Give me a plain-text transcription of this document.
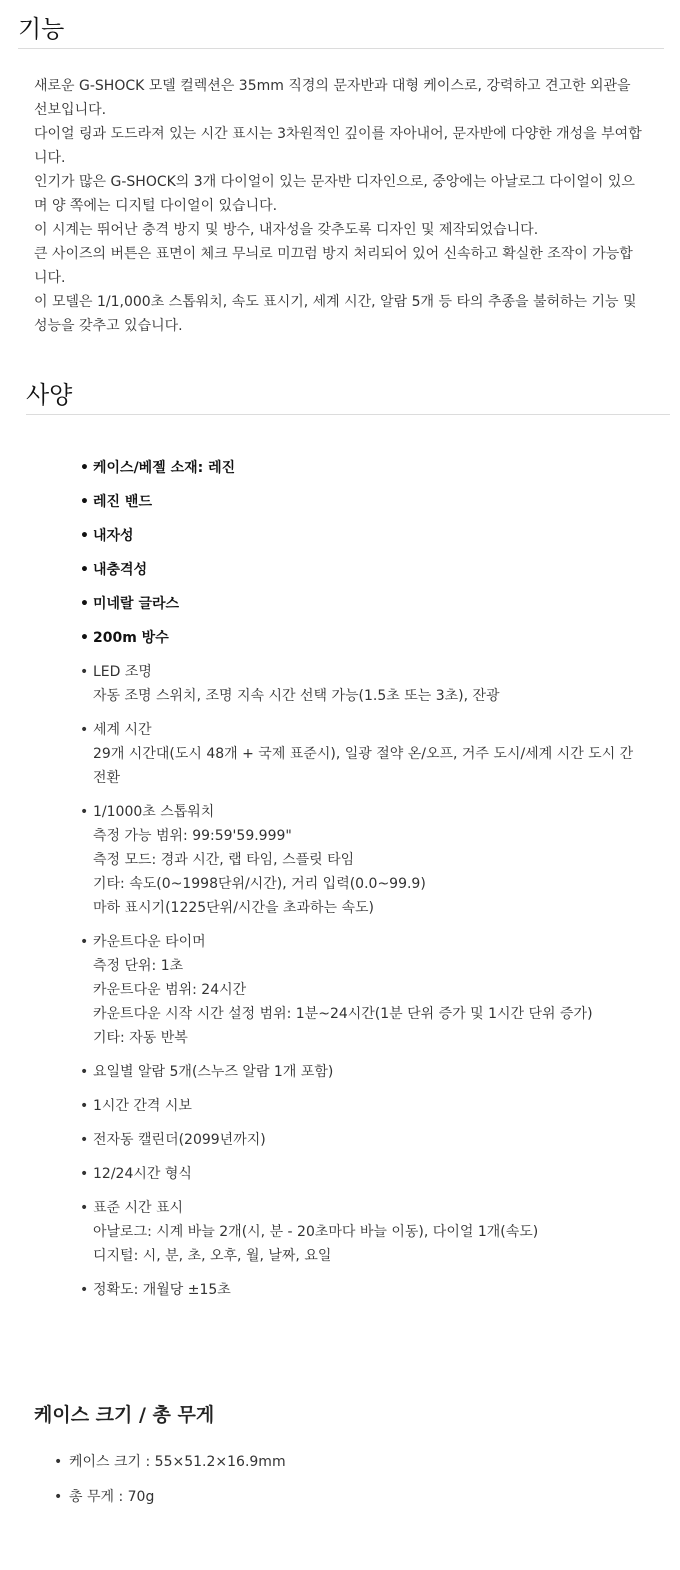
기능

새로운 G-SHOCK 모델 컬렉션은 35mm 직경의 문자반과 대형 케이스로, 강력하고 견고한 외관을 선보입니다.

다이얼 링과 도드라져 있는 시간 표시는 3차원적인 깊이를 자아내어, 문자반에 다양한 개성을 부여합니다.

인기가 많은 G-SHOCK의 3개 다이얼이 있는 문자반 디자인으로, 중앙에는 아날로그 다이얼이 있으며 양 쪽에는 디지털 다이얼이 있습니다.

이 시계는 뛰어난 충격 방지 및 방수, 내자성을 갖추도록 디자인 및 제작되었습니다.

큰 사이즈의 버튼은 표면이 체크 무늬로 미끄럼 방지 처리되어 있어 신속하고 확실한 조작이 가능합니다.

이 모델은 1/1,000초 스톱워치, 속도 표시기, 세계 시간, 알람 5개 등 타의 추종을 불허하는 기능 및 성능을 갖추고 있습니다.

사양
• 케이스/베젤 소재: 레진
• 레진 밴드
• 내자성
• 내충격성
• 미네랄 글라스
• 200m 방수
• LED 조명
자동 조명 스위치, 조명 지속 시간 선택 가능(1.5초 또는 3초), 잔광
• 세계 시간
29개 시간대(도시 48개 + 국제 표준시), 일광 절약 온/오프, 거주 도시/세계 시간 도시 간 전환
• 1/1000초 스톱워치
측정 가능 범위: 99:59'59.999"
측정 모드: 경과 시간, 랩 타임, 스플릿 타임
기타: 속도(0~1998단위/시간), 거리 입력(0.0~99.9)
마하 표시기(1225단위/시간을 초과하는 속도)
• 카운트다운 타이머
측정 단위: 1초
카운트다운 범위: 24시간
카운트다운 시작 시간 설정 범위: 1분~24시간(1분 단위 증가 및 1시간 단위 증가)
기타: 자동 반복
• 요일별 알람 5개(스누즈 알람 1개 포함)
• 1시간 간격 시보
• 전자동 캘린더(2099년까지)
• 12/24시간 형식
• 표준 시간 표시
아날로그: 시계 바늘 2개(시, 분 - 20초마다 바늘 이동), 다이얼 1개(속도)
디지털: 시, 분, 초, 오후, 월, 날짜, 요일
• 정확도: 개월당 ±15초
케이스 크기 / 총 무게
• 케이스 크기 : 55×51.2×16.9mm
• 총 무게 : 70g
